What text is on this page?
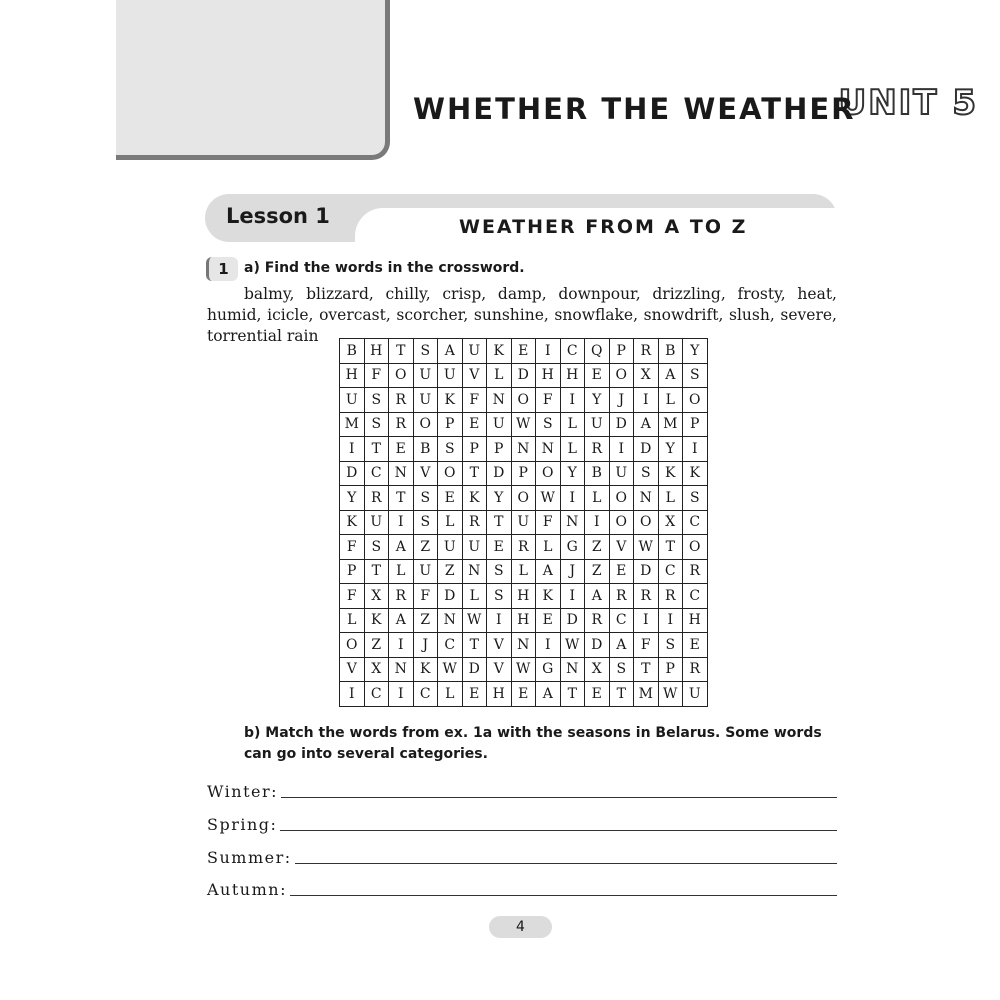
UNIT 5
WHETHER THE WEATHER
Lesson 1	WEATHER FROM A TO Z
1	a) Find the words in the crossword.
balmy, blizzard, chilly, crisp, damp, downpour, drizzling, frosty, heat, humid, icicle, overcast, scorcher, sunshine, snowflake, snowdrift, slush, severe, torrential rain
B	H	T	S	A	U	K	E	I	C	Q	P	R	B	Y
H	F	O	U	U	V	L	D	H	H	E	O	X	A	S
U	S	R	U	K	F	N	O	F	I	Y	J	I	L	O
M	S	R	O	P	E	U	W	S	L	U	D	A	M	P
I	T	E	B	S	P	P	N	N	L	R	I	D	Y	I
D	C	N	V	O	T	D	P	O	Y	B	U	S	K	K
Y	R	T	S	E	K	Y	O	W	I	L	O	N	L	S
K	U	I	S	L	R	T	U	F	N	I	O	O	X	C
F	S	A	Z	U	U	E	R	L	G	Z	V	W	T	O
P	T	L	U	Z	N	S	L	A	J	Z	E	D	C	R
F	X	R	F	D	L	S	H	K	I	A	R	R	R	C
L	K	A	Z	N	W	I	H	E	D	R	C	I	I	H
O	Z	I	J	C	T	V	N	I	W	D	A	F	S	E
V	X	N	K	W	D	V	W	G	N	X	S	T	P	R
I	C	I	C	L	E	H	E	A	T	E	T	M	W	U
b) Match the words from ex. 1a with the seasons in Belarus. Some words can go into several categories.
Winter:
Spring:
Summer:
Autumn:
4
